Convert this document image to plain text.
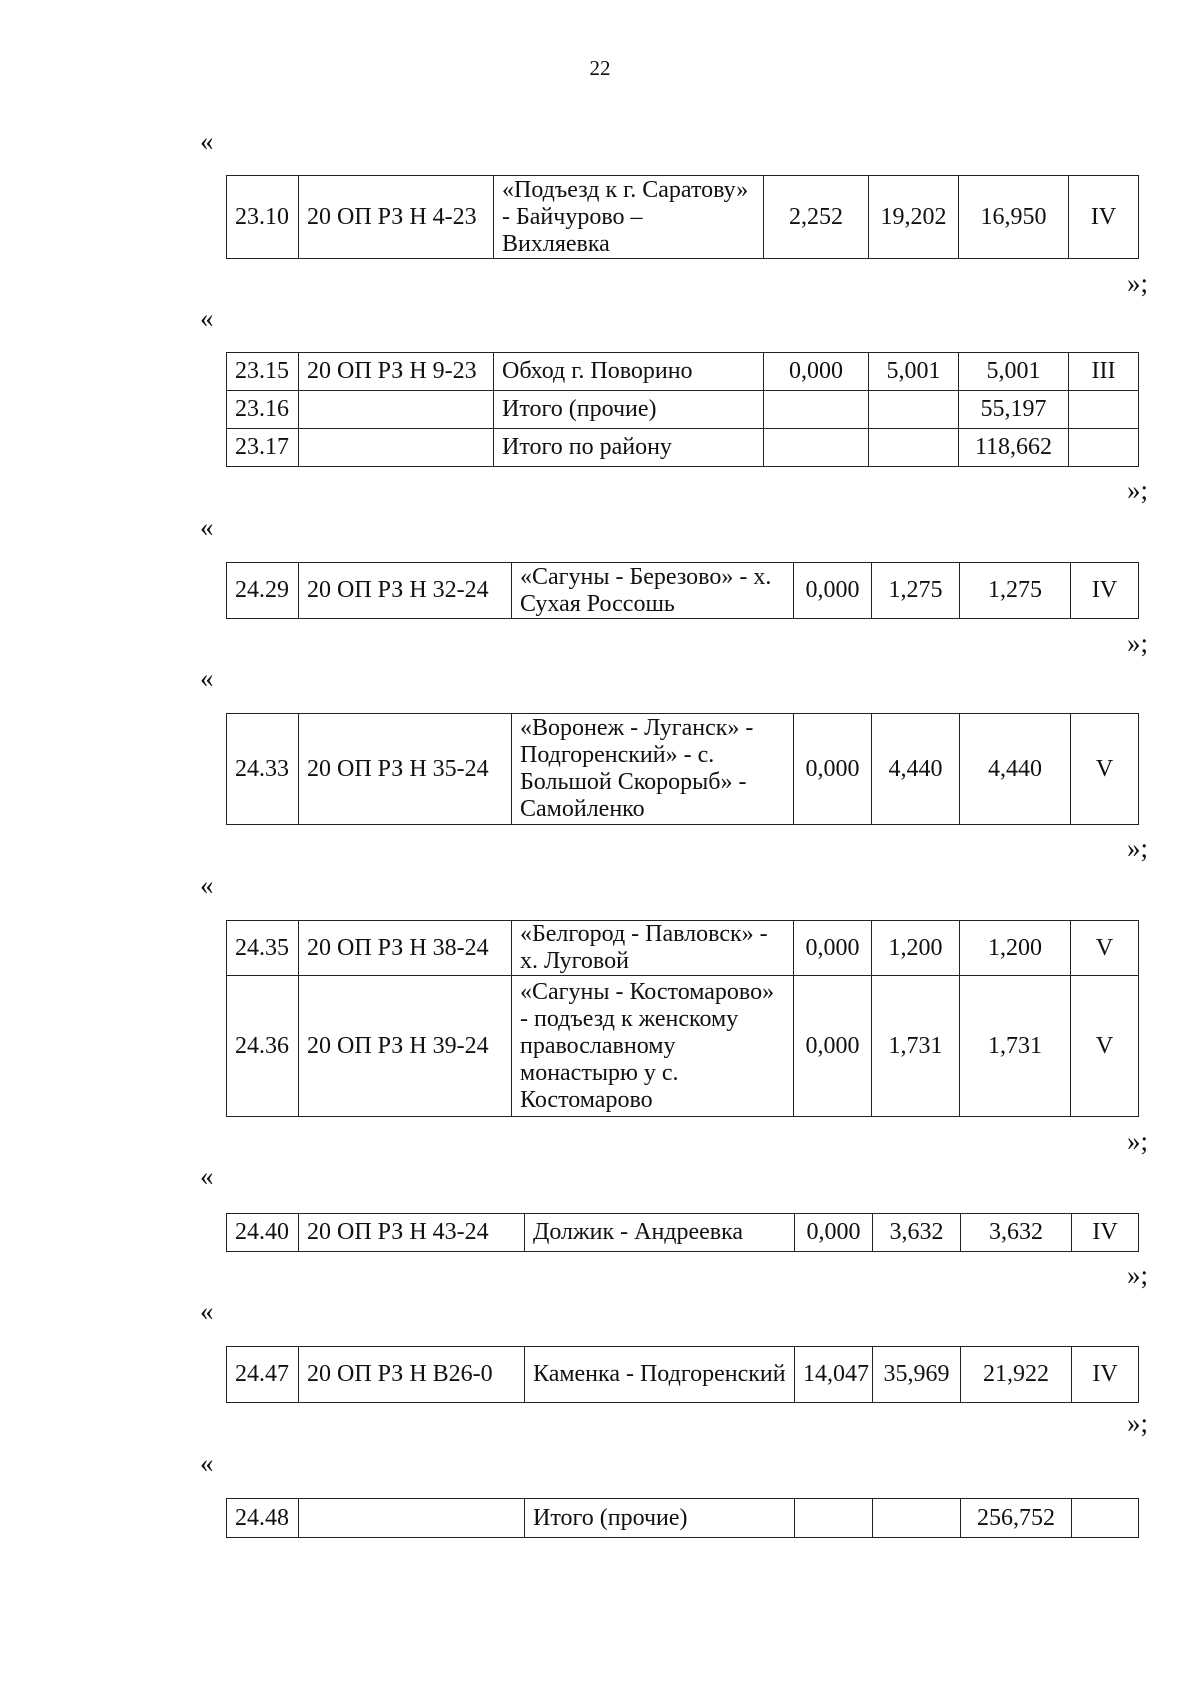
22
«
23.10	20 ОП РЗ Н 4-23	«Подъезд к г. Саратову» - Байчурово – Вихляевка	2,252	19,202	16,950	IV
»;
«
23.15	20 ОП РЗ Н 9-23	Обход г. Поворино	0,000	5,001	5,001	III
23.16		Итого (прочие)			55,197	
23.17		Итого по району			118,662	
»;
«
24.29	20 ОП РЗ Н 32-24	«Сагуны - Березово» - х. Сухая Россошь	0,000	1,275	1,275	IV
»;
«
24.33	20 ОП РЗ Н 35-24	«Воронеж - Луганск» - Подгоренский» - с. Большой Скорорыб» - Самойленко	0,000	4,440	4,440	V
»;
«
24.35	20 ОП РЗ Н 38-24	«Белгород - Павловск» - х. Луговой	0,000	1,200	1,200	V
24.36	20 ОП РЗ Н 39-24	«Сагуны - Костомарово» - подъезд к женскому православному монастырю у с. Костомарово	0,000	1,731	1,731	V
»;
«
24.40	20 ОП РЗ Н 43-24	Должик - Андреевка	0,000	3,632	3,632	IV
»;
«
24.47	20 ОП РЗ Н В26-0	Каменка - Подгоренский	14,047	35,969	21,922	IV
»;
«
24.48		Итого (прочие)			256,752	
